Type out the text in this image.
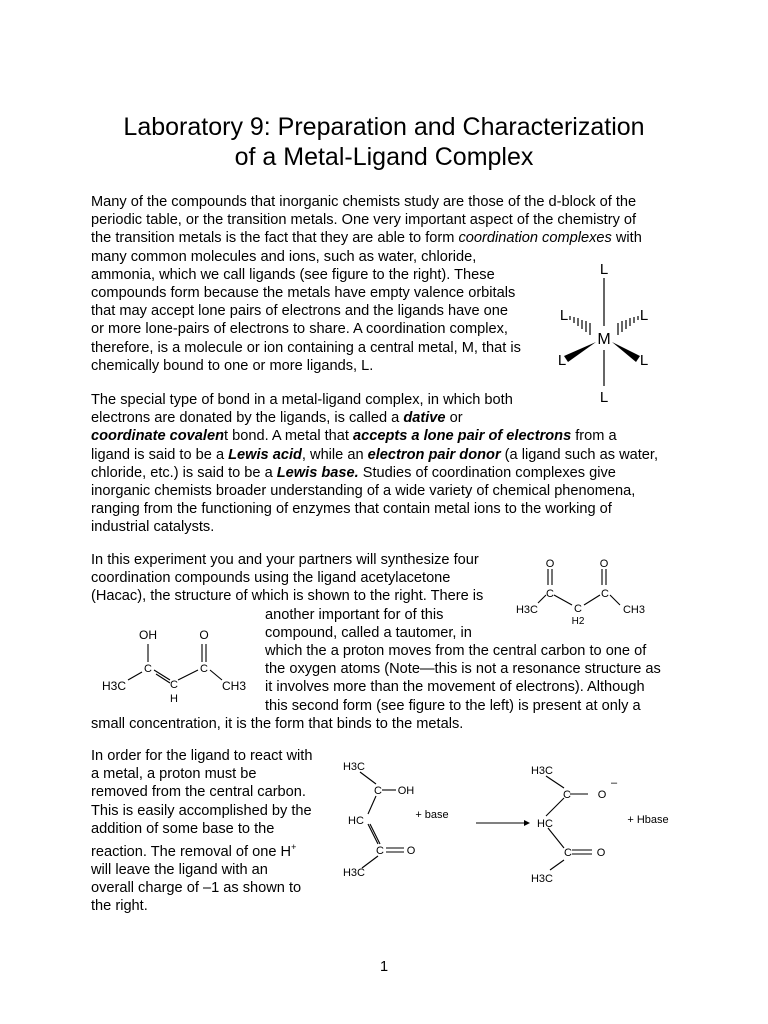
Laboratory 9: Preparation and Characterization
of a Metal-Ligand Complex
Many of the compounds that inorganic chemists study are those of the d-block of the
periodic table, or the transition metals. One very important aspect of the chemistry of
the transition metals is the fact that they are able to form coordination complexes with
many common molecules and ions, such as water, chloride,
ammonia, which we call ligands (see figure to the right). These
compounds form because the metals have empty valence orbitals
that may accept lone pairs of electrons and the ligands have one
or more lone-pairs of electrons to share. A coordination complex,
therefore, is a molecule or ion containing a central metal, M, that is
chemically bound to one or more ligands, L.
L
L	L
M
L	L
L
The special type of bond in a metal-ligand complex, in which both
electrons are donated by the ligands, is called a dative or
coordinate covalent bond. A metal that accepts a lone pair of electrons from a
ligand is said to be a Lewis acid, while an electron pair donor (a ligand such as water,
chloride, etc.) is said to be a Lewis base. Studies of coordination complexes give
inorganic chemists broader understanding of a wide variety of chemical phenomena,
ranging from the functioning of enzymes that contain metal ions to the working of
industrial catalysts.
In this experiment you and your partners will synthesize four
coordination compounds using the ligand acetylacetone
(Hacac), the structure of which is shown to the right. There is
another important for of this
compound, called a tautomer, in
which the a proton moves from the central carbon to one of
the oxygen atoms (Note—this is not a resonance structure as
it involves more than the movement of electrons). Although
this second form (see figure to the left) is present at only a
small concentration, it is the form that binds to the metals.
O	O
C	C
C
H2
H3C	CH3
OH	O
C	C
C
H
H3C	CH3
In order for the ligand to react with
a metal, a proton must be
removed from the central carbon.
This is easily accomplished by the
addition of some base to the
reaction. The removal of one H+
will leave the ligand with an
overall charge of –1 as shown to
the right.
H3C
C OH
HC
C O
H3C
+ base
H3C
C O
–
HC
C O
H3C
+ Hbase
1
